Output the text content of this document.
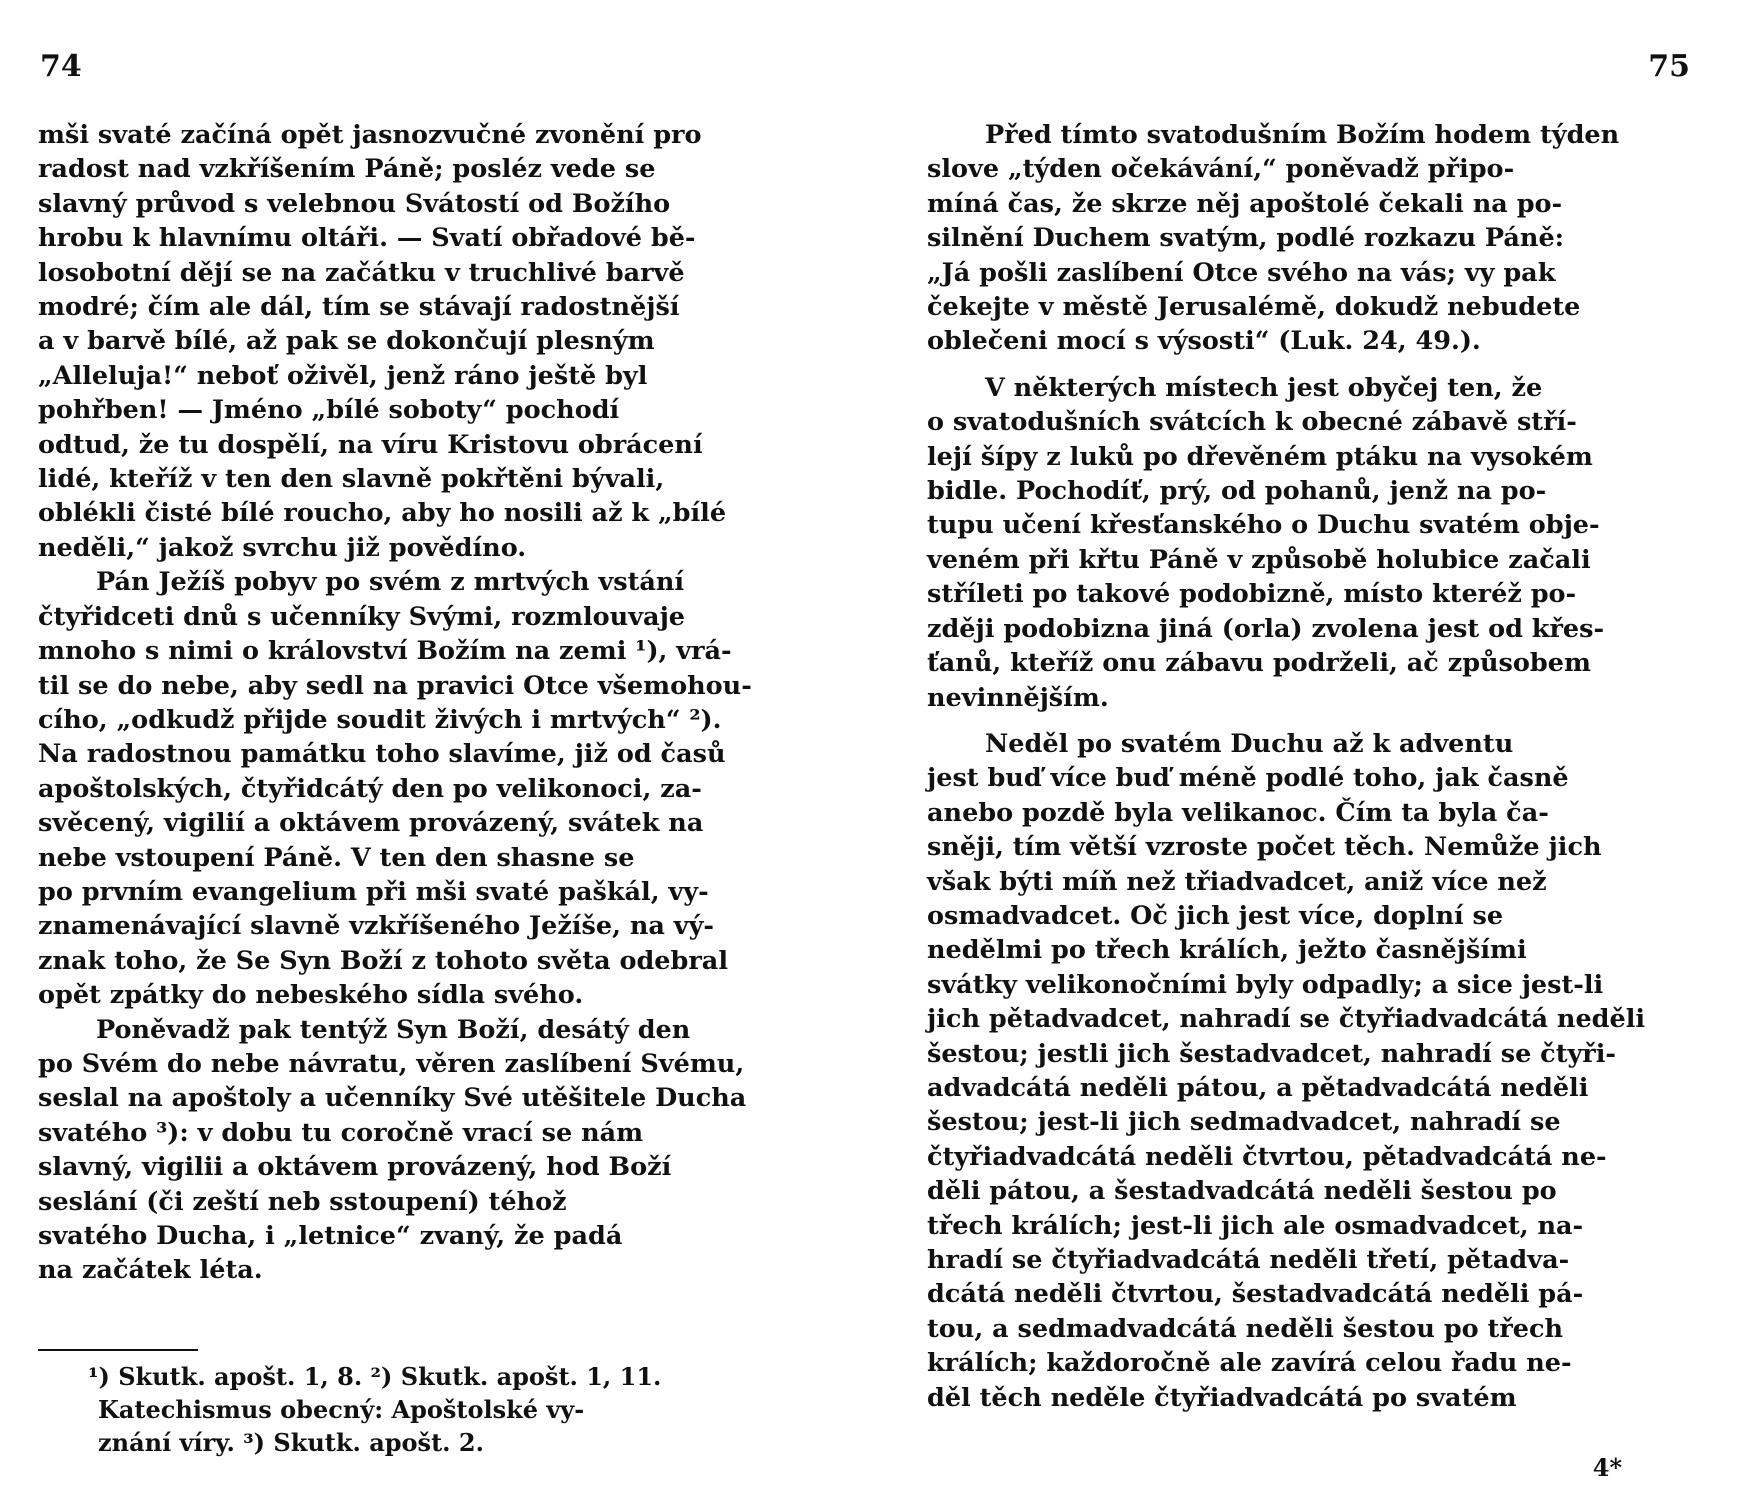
74

mši svaté začíná opět jasnozvučné zvonění pro
radost nad vzkříšením Páně; posléz vede se
slavný průvod s velebnou Svátostí od Božího
hrobu k hlavnímu oltáři. — Svatí obřadové bě-
losobotní dějí se na začátku v truchlivé barvě
modré; čím ale dál, tím se stávají radostnější
a v barvě bílé, až pak se dokončují plesným
„Alleluja!“ neboť oživěl, jenž ráno ještě byl
pohřben! — Jméno „bílé soboty“ pochodí
odtud, že tu dospělí, na víru Kristovu obrácení
lidé, kteříž v ten den slavně pokřtěni bývali,
oblékli čisté bílé roucho, aby ho nosili až k „bílé
neděli,“ jakož svrchu již povědíno.

Pán Ježíš pobyv po svém z mrtvých vstání
čtyřidceti dnů s učenníky Svými, rozmlouvaje
mnoho s nimi o království Božím na zemi ¹), vrá-
til se do nebe, aby sedl na pravici Otce všemohou-
cího, „odkudž přijde soudit živých i mrtvých“ ²).
Na radostnou památku toho slavíme, již od časů
apoštolských, čtyřidcátý den po velikonoci, za-
svěcený, vigilií a oktávem provázený, svátek na
nebe vstoupení Páně. V ten den shasne se
po prvním evangelium při mši svaté paškál, vy-
znamenávající slavně vzkříšeného Ježíše, na vý-
znak toho, že Se Syn Boží z tohoto světa odebral
opět zpátky do nebeského sídla svého.

Poněvadž pak tentýž Syn Boží, desátý den
po Svém do nebe návratu, věren zaslíbení Svému,
seslal na apoštoly a učenníky Své utěšitele Ducha
svatého ³): v dobu tu coročně vrací se nám
slavný, vigilii a oktávem provázený, hod Boží
seslání (či zeští neb sstoupení) téhož
svatého Ducha, i „letnice“ zvaný, že padá
na začátek léta.

¹) Skutk. apošt. 1, 8. ²) Skutk. apošt. 1, 11.
Katechismus obecný: Apoštolské vy-
znání víry. ³) Skutk. apošt. 2.
75

Před tímto svatodušním Božím hodem týden
slove „týden očekávání,“ poněvadž připo-
míná čas, že skrze něj apoštolé čekali na po-
silnění Duchem svatým, podlé rozkazu Páně:
„Já pošli zaslíbení Otce svého na vás; vy pak
čekejte v městě Jerusalémě, dokudž nebudete
oblečeni mocí s výsosti“ (Luk. 24, 49.).

V některých místech jest obyčej ten, že
o svatodušních svátcích k obecné zábavě stří-
lejí šípy z luků po dřevěném ptáku na vysokém
bidle. Pochodíť, prý, od pohanů, jenž na po-
tupu učení křesťanského o Duchu svatém obje-
veném při křtu Páně v způsobě holubice začali
stříleti po takové podobizně, místo kteréž po-
zději podobizna jiná (orla) zvolena jest od křes-
ťanů, kteříž onu zábavu podrželi, ač způsobem
nevinnějším.

Neděl po svatém Duchu až k adventu
jest buď více buď méně podlé toho, jak časně
anebo pozdě byla velikanoc. Čím ta byla ča-
sněji, tím větší vzroste počet těch. Nemůže jich
však býti míň než třiadvadcet, aniž více než
osmadvadcet. Oč jich jest více, doplní se
nedělmi po třech králích, ježto časnějšími
svátky velikonočními byly odpadly; a sice jest-li
jich pětadvadcet, nahradí se čtyřiadvadcátá neděli
šestou; jestli jich šestadvadcet, nahradí se čtyři-
advadcátá neděli pátou, a pětadvadcátá neděli
šestou; jest-li jich sedmadvadcet, nahradí se
čtyřiadvadcátá neděli čtvrtou, pětadvadcátá ne-
děli pátou, a šestadvadcátá neděli šestou po
třech králích; jest-li jich ale osmadvadcet, na-
hradí se čtyřiadvadcátá neděli třetí, pětadva-
dcátá neděli čtvrtou, šestadvadcátá neděli pá-
tou, a sedmadvadcátá neděli šestou po třech
králích; každoročně ale zavírá celou řadu ne-
děl těch neděle čtyřiadvadcátá po svatém

4*
